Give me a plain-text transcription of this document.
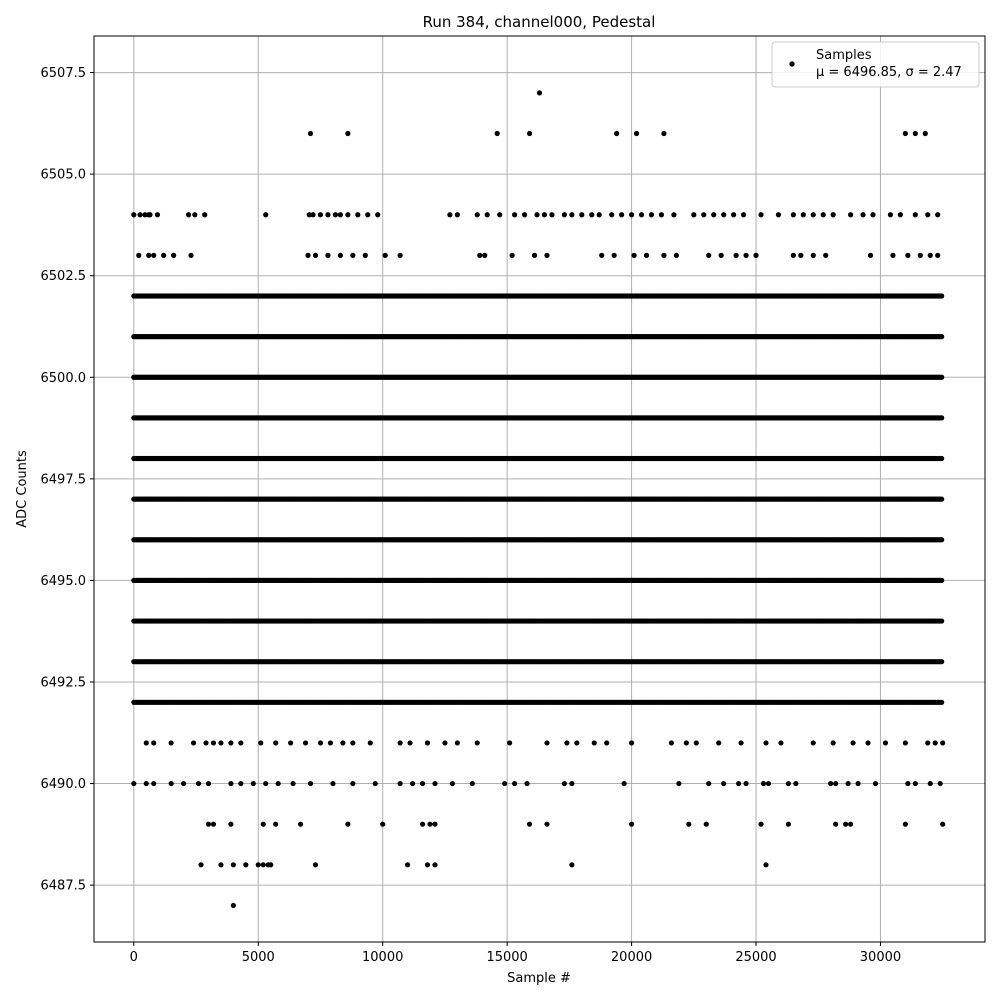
Run 384, channel000, Pedestal
0	5000	10000	15000	20000	25000	30000
6487.5
6490.0
6492.5
6495.0
6497.5
6500.0
6502.5
6505.0
6507.5
Sample #
ADC Counts
Samples
μ = 6496.85, σ = 2.47
